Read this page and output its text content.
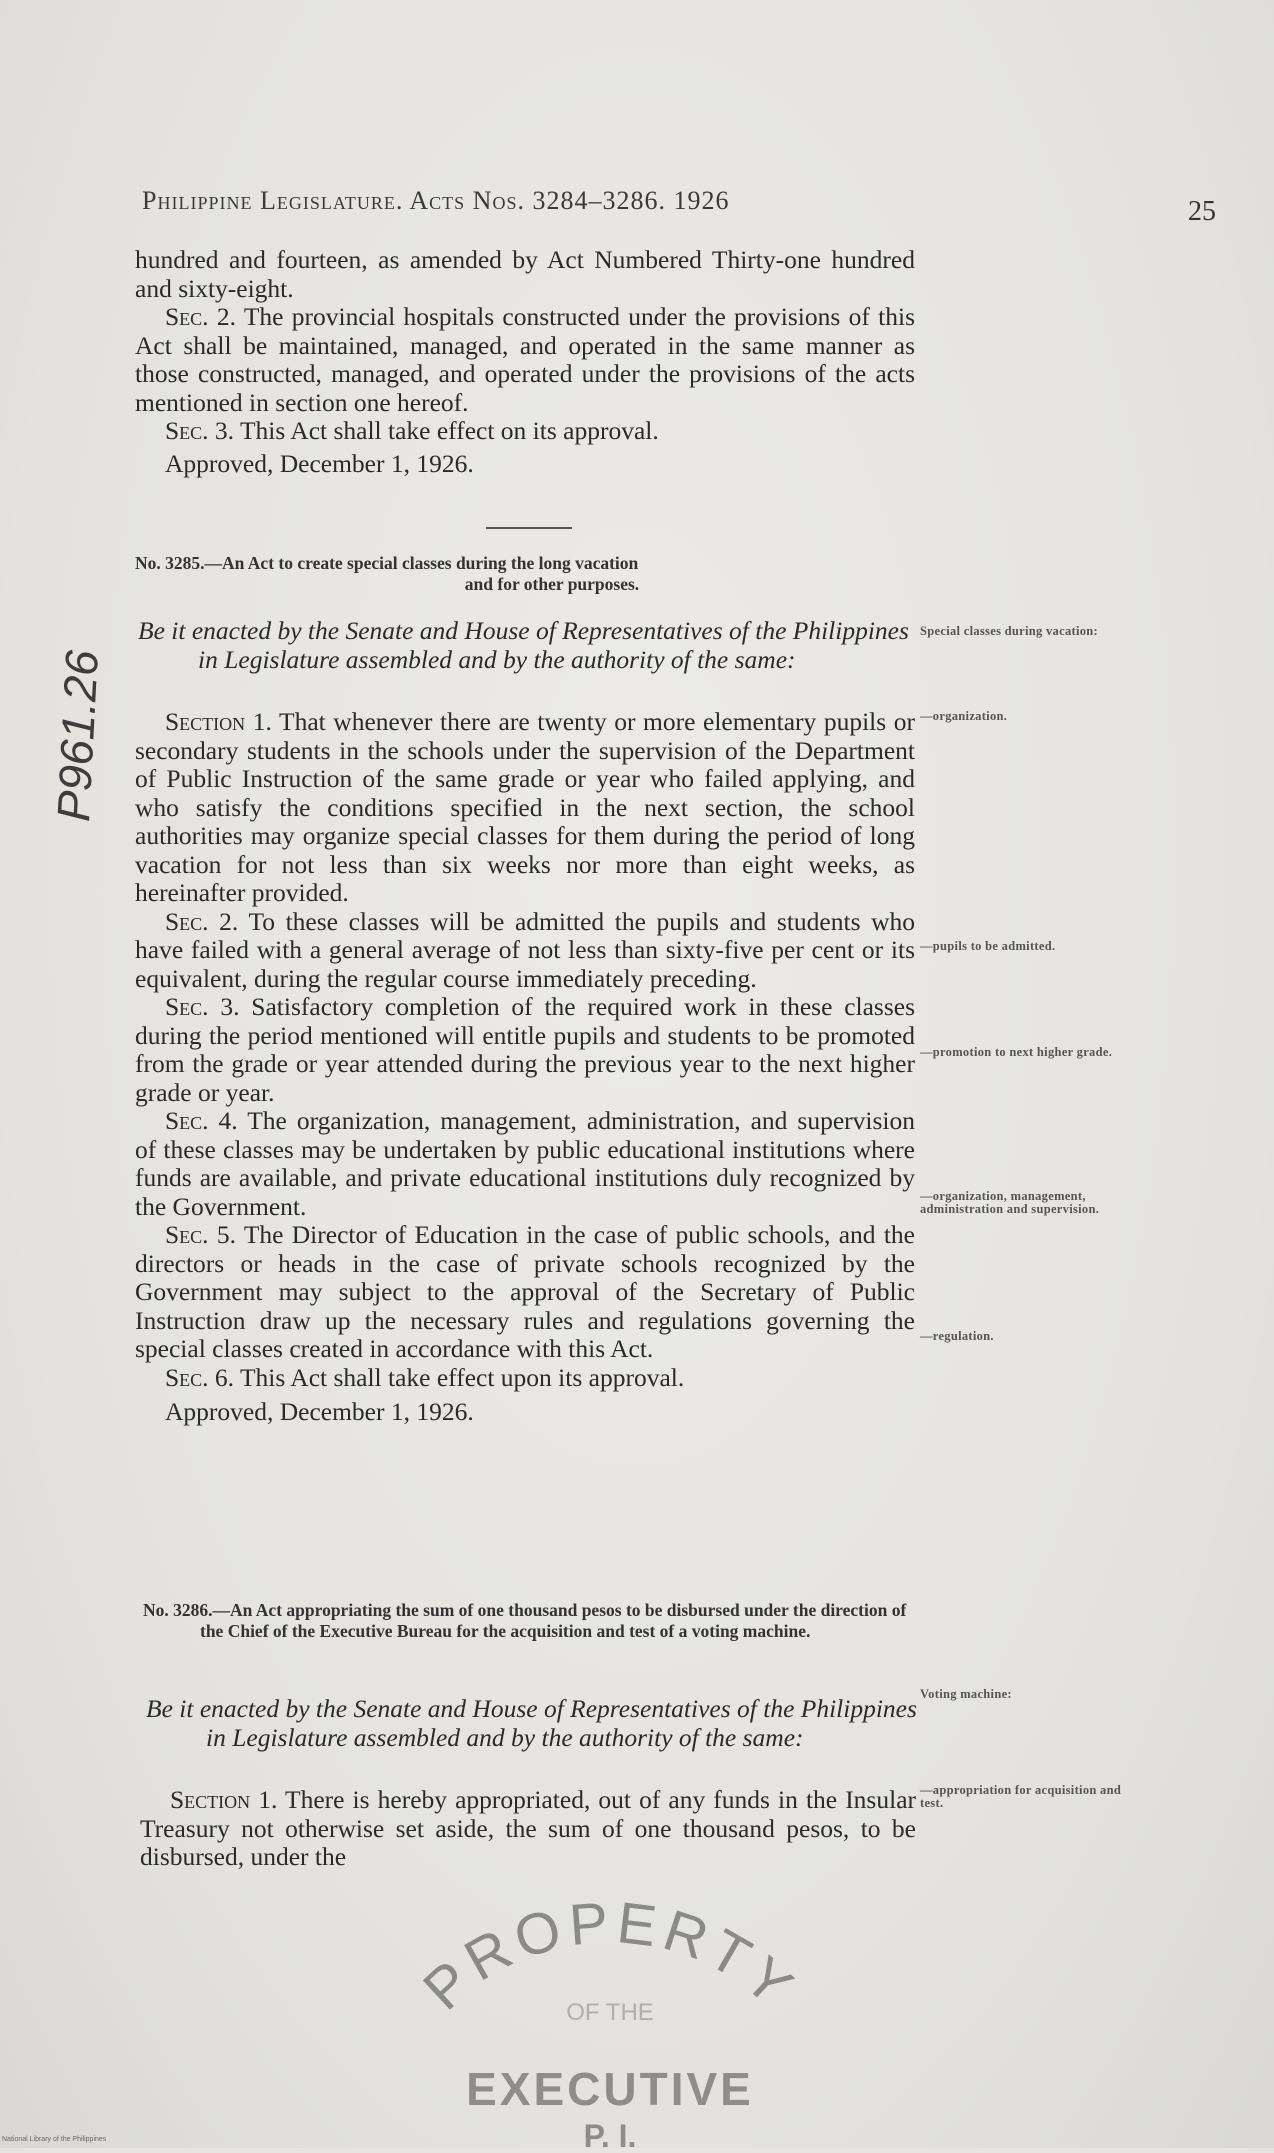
Philippine Legislature. Acts Nos. 3284–3286. 1926	25
P961.26

hundred and fourteen, as amended by Act Numbered Thirty-one hundred and sixty-eight.

Sec. 2. The provincial hospitals constructed under the provisions of this Act shall be maintained, managed, and operated in the same manner as those constructed, managed, and operated under the provisions of the acts mentioned in section one hereof.

Sec. 3. This Act shall take effect on its approval.

Approved, December 1, 1926.

No. 3285.—An Act to create special classes during the long vacation
and for other purposes.

Be it enacted by the Senate and House of Representatives of the Philippines in Legislature assembled and by the authority of the same:

Section 1. That whenever there are twenty or more elementary pupils or secondary students in the schools under the supervision of the Department of Public Instruction of the same grade or year who failed applying, and who satisfy the conditions specified in the next section, the school authorities may organize special classes for them during the period of long vacation for not less than six weeks nor more than eight weeks, as hereinafter provided.

Sec. 2. To these classes will be admitted the pupils and students who have failed with a general average of not less than sixty-five per cent or its equivalent, during the regular course immediately preceding.

Sec. 3. Satisfactory completion of the required work in these classes during the period mentioned will entitle pupils and students to be promoted from the grade or year attended during the previous year to the next higher grade or year.

Sec. 4. The organization, management, administration, and supervision of these classes may be undertaken by public educational institutions where funds are available, and private educational institutions duly recognized by the Government.

Sec. 5. The Director of Education in the case of public schools, and the directors or heads in the case of private schools recognized by the Government may subject to the approval of the Secretary of Public Instruction draw up the necessary rules and regulations governing the special classes created in accordance with this Act.

Sec. 6. This Act shall take effect upon its approval.

Approved, December 1, 1926.

Special classes during vacation:
—organization.
—pupils to be admitted.
—promotion to next higher grade.
—organization, management, administration and supervision.
—regulation.

No. 3286.—An Act appropriating the sum of one thousand pesos to be disbursed under the direction of the Chief of the Executive Bureau for the acquisition and test of a voting machine.

Be it enacted by the Senate and House of Representatives of the Philippines in Legislature assembled and by the authority of the same:

Section 1. There is hereby appropriated, out of any funds in the Insular Treasury not otherwise set aside, the sum of one thousand pesos, to be disbursed, under the

Voting machine:
—appropriation for acquisition and test.
PROPERTY
OF THE
EXECUTIVE
P. I.
National Library of the Philippines
